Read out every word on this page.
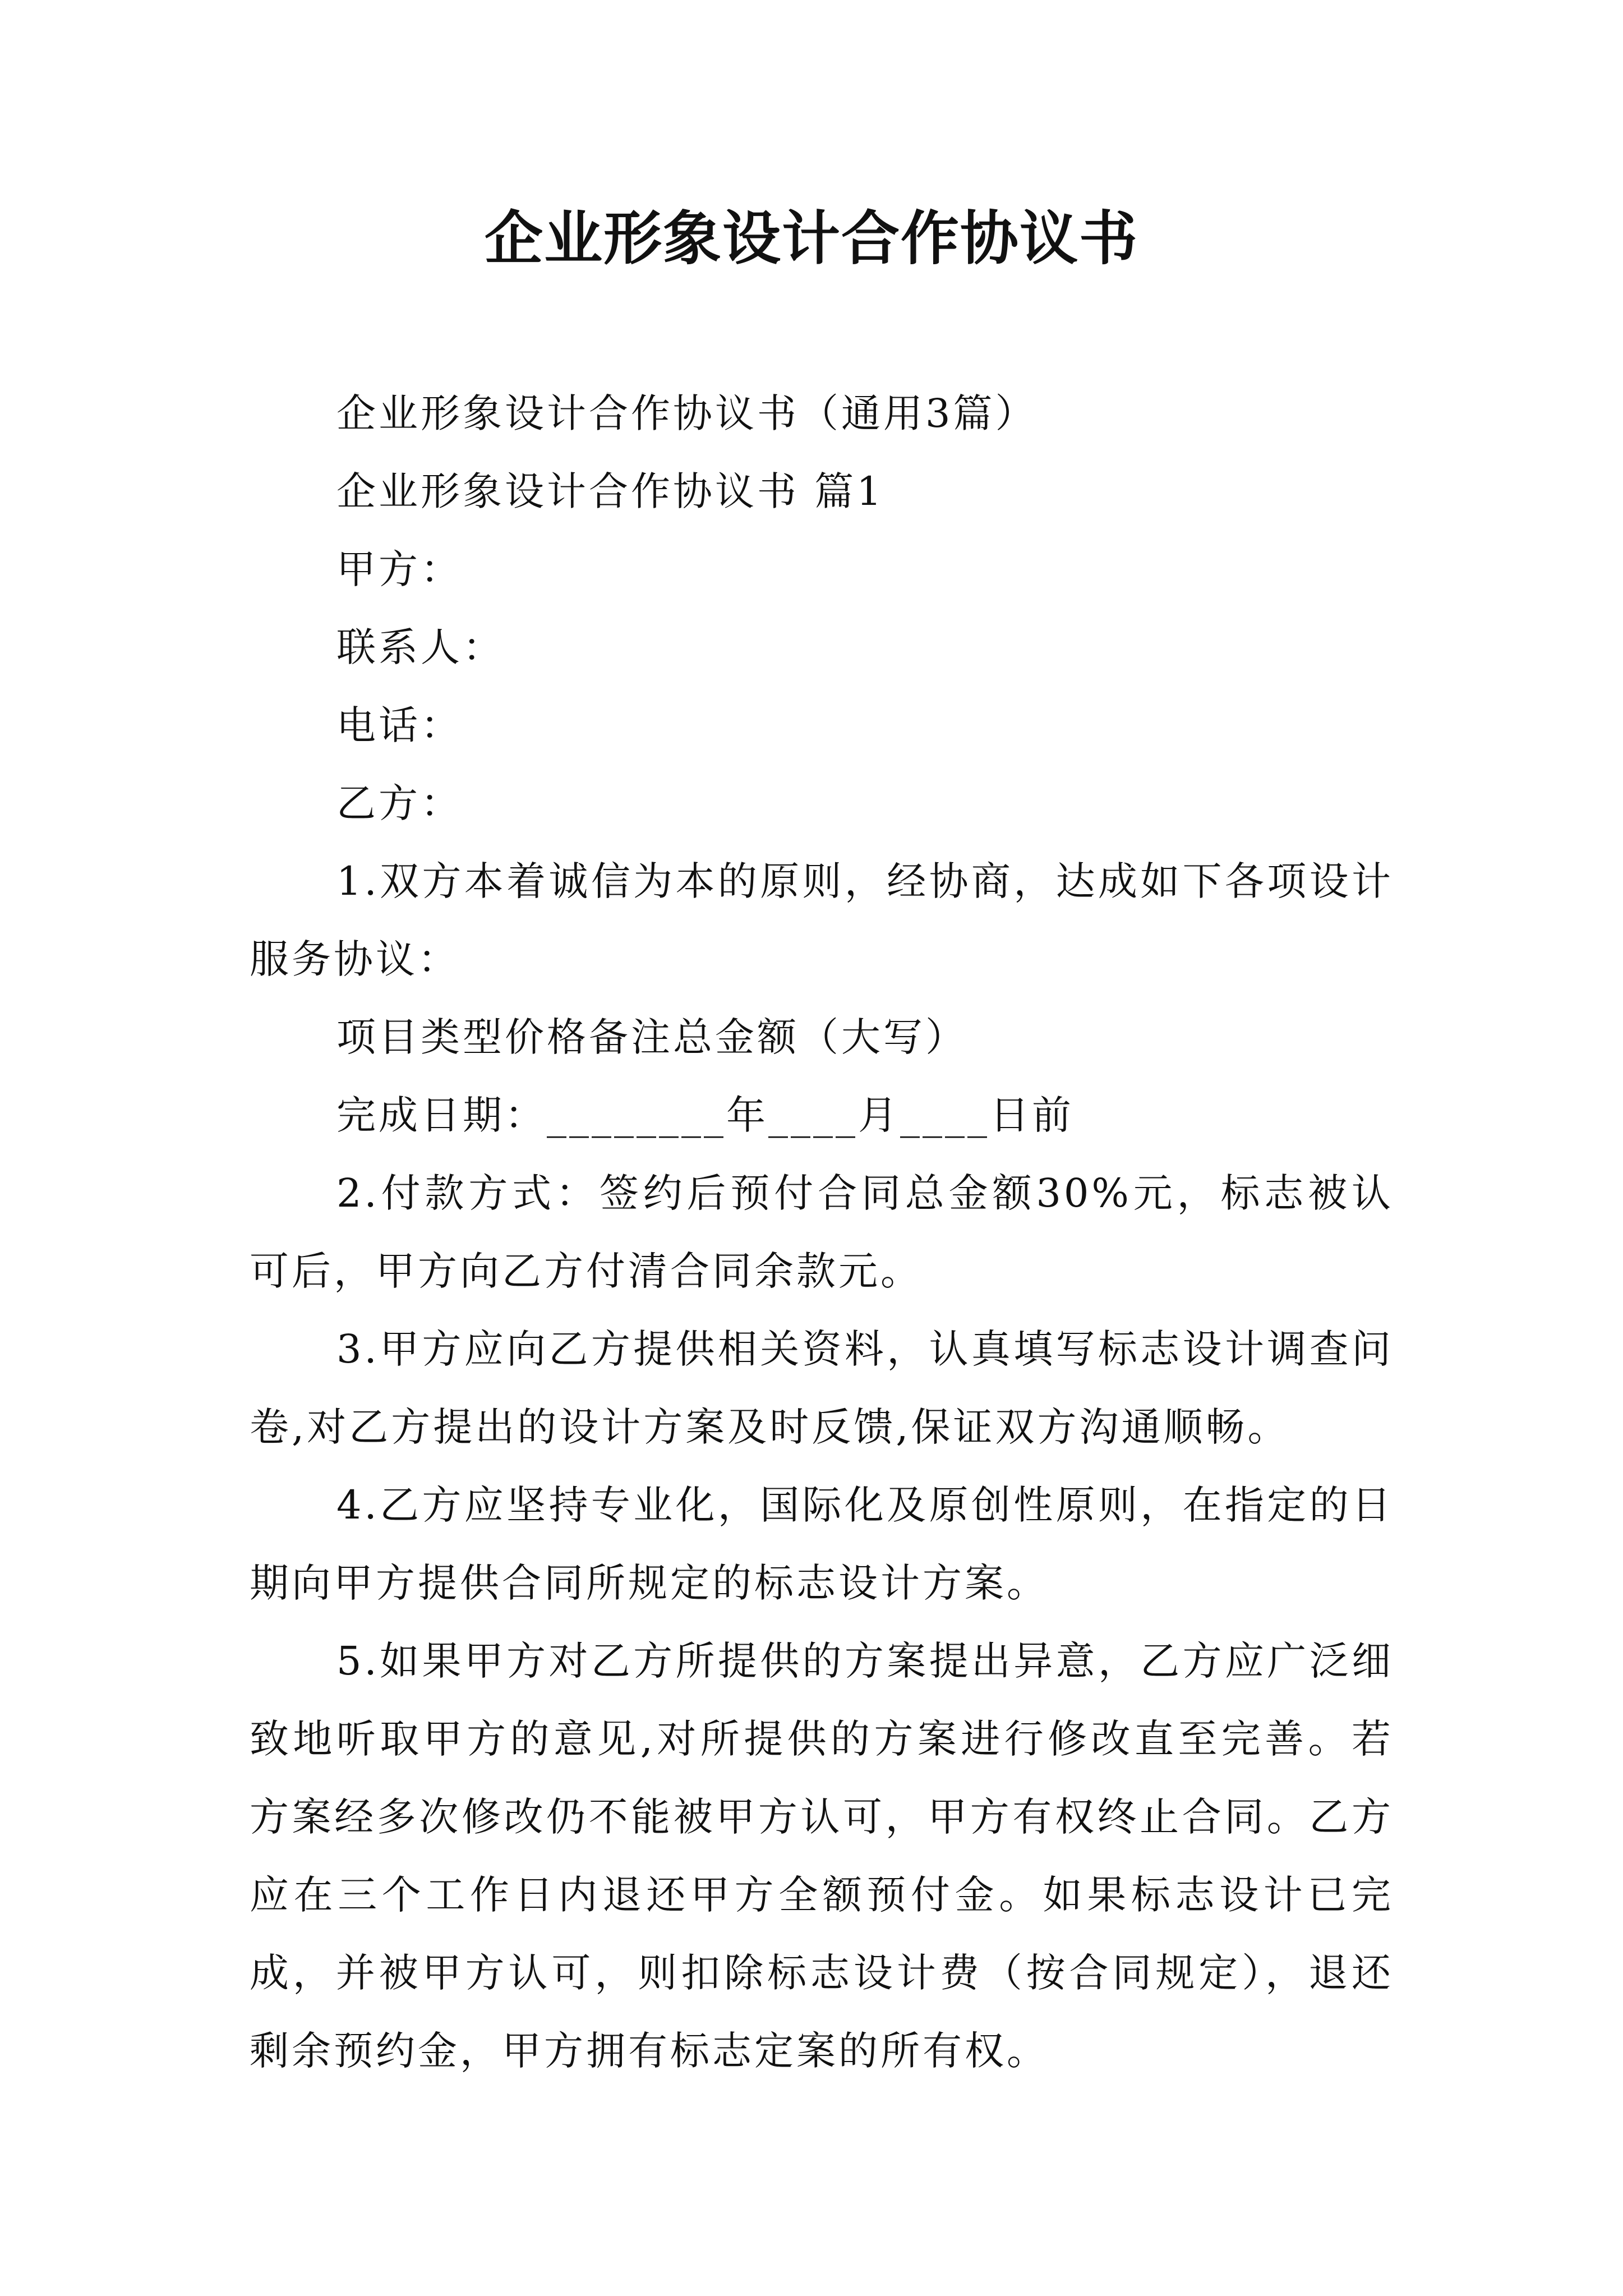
企业形象设计合作协议书

企业形象设计合作协议书（通用3篇）

企业形象设计合作协议书 篇1

甲方：

联系人：

电话：

乙方：

1.双方本着诚信为本的原则，经协商，达成如下各项设计服务协议：

项目类型价格备注总金额（大写）

完成日期：________年____月____日前

2.付款方式：签约后预付合同总金额30%元，标志被认可后，甲方向乙方付清合同余款元。

3.甲方应向乙方提供相关资料，认真填写标志设计调查问卷,对乙方提出的设计方案及时反馈,保证双方沟通顺畅。

4.乙方应坚持专业化，国际化及原创性原则，在指定的日期向甲方提供合同所规定的标志设计方案。

5.如果甲方对乙方所提供的方案提出异意，乙方应广泛细致地听取甲方的意见,对所提供的方案进行修改直至完善。若方案经多次修改仍不能被甲方认可，甲方有权终止合同。乙方应在三个工作日内退还甲方全额预付金。如果标志设计已完成，并被甲方认可，则扣除标志设计费（按合同规定），退还剩余预约金，甲方拥有标志定案的所有权。
